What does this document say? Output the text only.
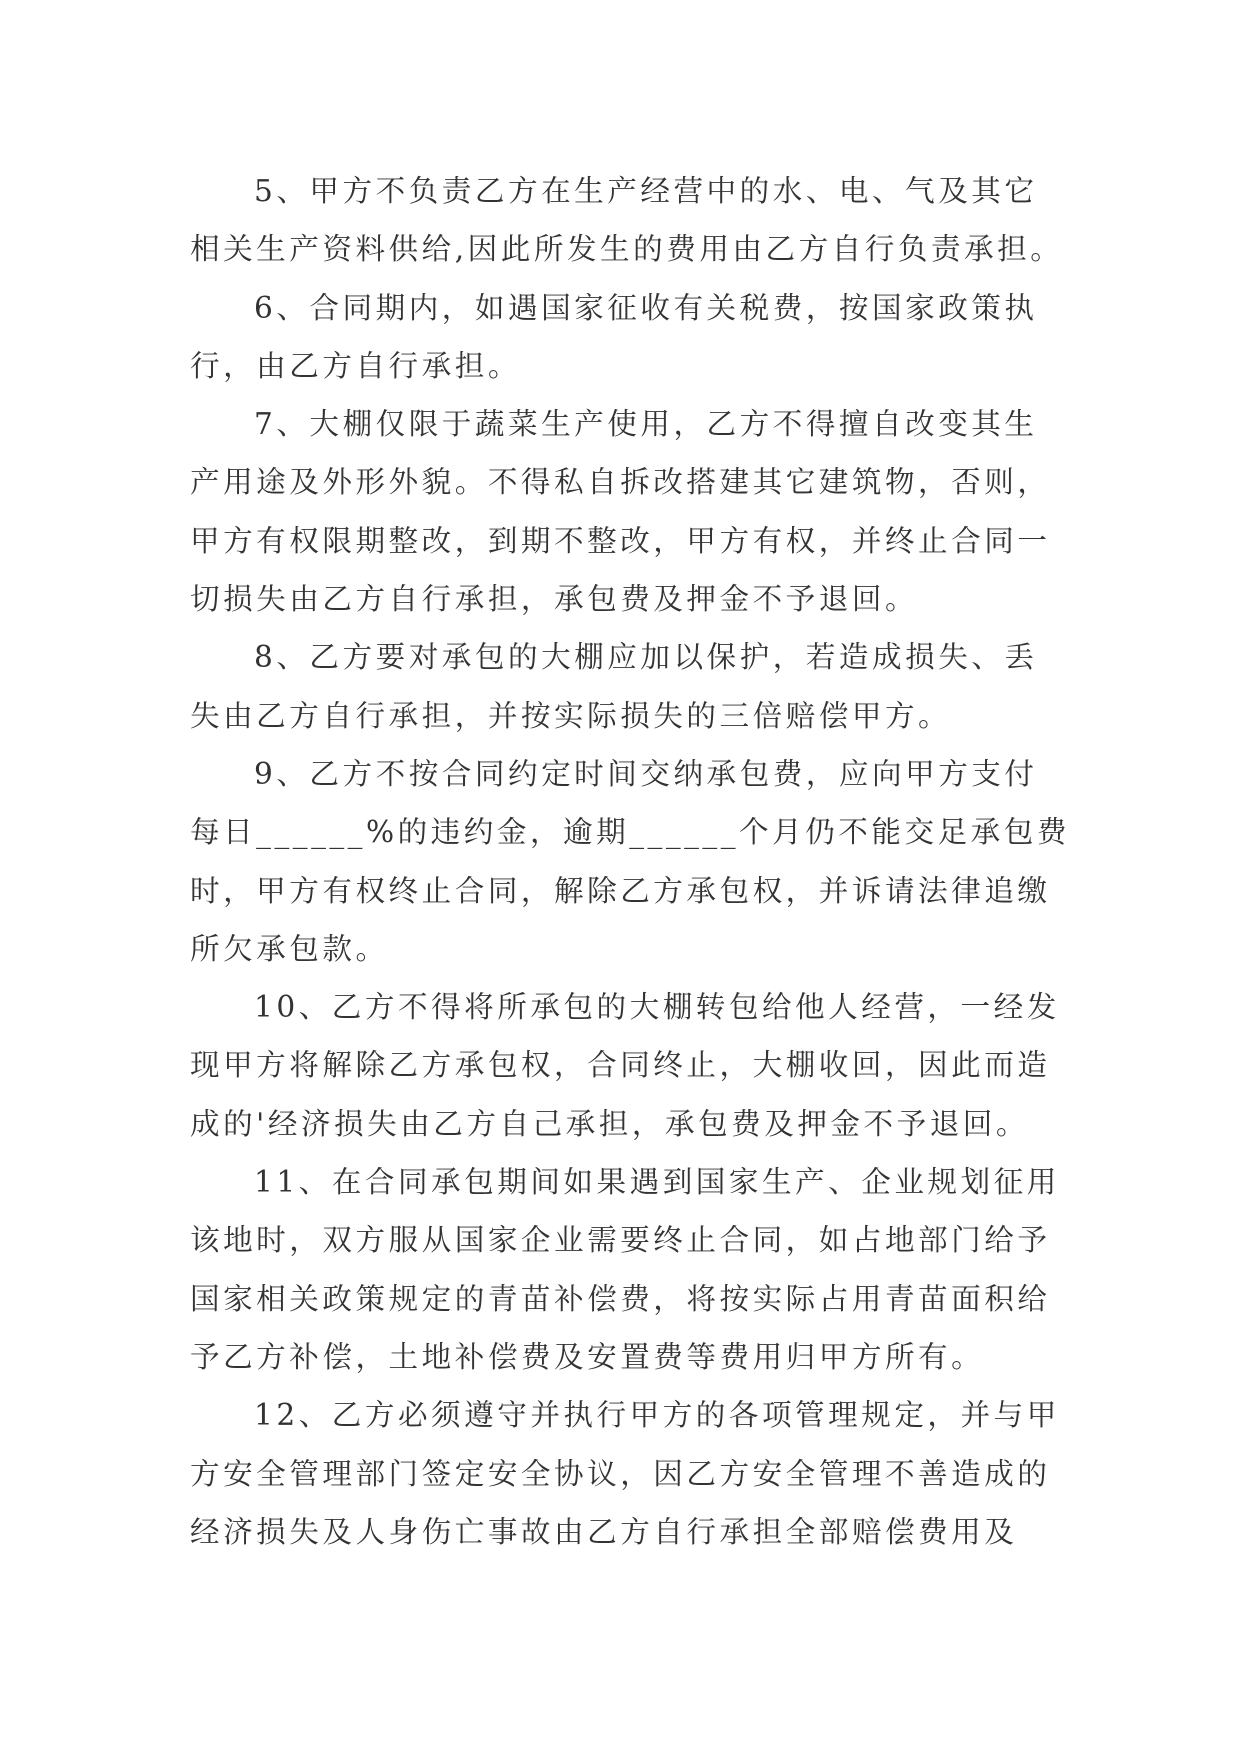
5、甲方不负责乙方在生产经营中的水、电、气及其它
相关生产资料供给,因此所发生的费用由乙方自行负责承担。

6、合同期内，如遇国家征收有关税费，按国家政策执
行，由乙方自行承担。

7、大棚仅限于蔬菜生产使用，乙方不得擅自改变其生
产用途及外形外貌。不得私自拆改搭建其它建筑物，否则，
甲方有权限期整改，到期不整改，甲方有权，并终止合同一
切损失由乙方自行承担，承包费及押金不予退回。

8、乙方要对承包的大棚应加以保护，若造成损失、丢
失由乙方自行承担，并按实际损失的三倍赔偿甲方。

9、乙方不按合同约定时间交纳承包费，应向甲方支付
每日______%的违约金，逾期______个月仍不能交足承包费
时，甲方有权终止合同，解除乙方承包权，并诉请法律追缴
所欠承包款。

10、乙方不得将所承包的大棚转包给他人经营，一经发
现甲方将解除乙方承包权，合同终止，大棚收回，因此而造
成的'经济损失由乙方自己承担，承包费及押金不予退回。

11、在合同承包期间如果遇到国家生产、企业规划征用
该地时，双方服从国家企业需要终止合同，如占地部门给予
国家相关政策规定的青苗补偿费，将按实际占用青苗面积给
予乙方补偿，土地补偿费及安置费等费用归甲方所有。

12、乙方必须遵守并执行甲方的各项管理规定，并与甲
方安全管理部门签定安全协议，因乙方安全管理不善造成的
经济损失及人身伤亡事故由乙方自行承担全部赔偿费用及
